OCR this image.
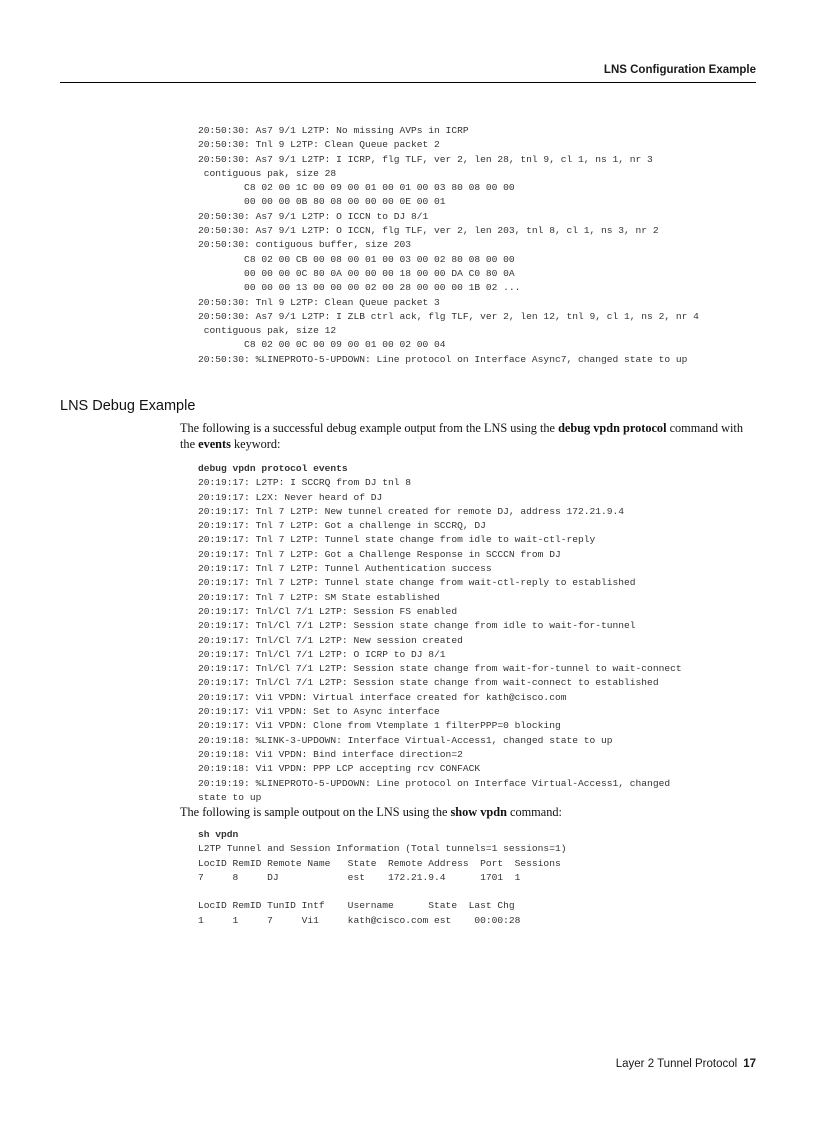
LNS Configuration Example
20:50:30: As7 9/1 L2TP: No missing AVPs in ICRP
20:50:30: Tnl 9 L2TP: Clean Queue packet 2
20:50:30: As7 9/1 L2TP: I ICRP, flg TLF, ver 2, len 28, tnl 9, cl 1, ns 1, nr 3
contiguous pak, size 28
C8 02 00 1C 00 09 00 01 00 01 00 03 80 08 00 00
00 00 00 0B 80 08 00 00 00 0E 00 01
20:50:30: As7 9/1 L2TP: O ICCN to DJ 8/1
20:50:30: As7 9/1 L2TP: O ICCN, flg TLF, ver 2, len 203, tnl 8, cl 1, ns 3, nr 2
20:50:30: contiguous buffer, size 203
C8 02 00 CB 00 08 00 01 00 03 00 02 80 08 00 00
00 00 00 0C 80 0A 00 00 00 18 00 00 DA C0 80 0A
00 00 00 13 00 00 00 02 00 28 00 00 00 1B 02 ...
20:50:30: Tnl 9 L2TP: Clean Queue packet 3
20:50:30: As7 9/1 L2TP: I ZLB ctrl ack, flg TLF, ver 2, len 12, tnl 9, cl 1, ns 2, nr 4
contiguous pak, size 12
C8 02 00 0C 00 09 00 01 00 02 00 04
20:50:30: %LINEPROTO-5-UPDOWN: Line protocol on Interface Async7, changed state to up
LNS Debug Example

The following is a successful debug example output from the LNS using the debug vpdn protocol command with the events keyword:

debug vpdn protocol events
20:19:17: L2TP: I SCCRQ from DJ tnl 8
20:19:17: L2X: Never heard of DJ
20:19:17: Tnl 7 L2TP: New tunnel created for remote DJ, address 172.21.9.4
20:19:17: Tnl 7 L2TP: Got a challenge in SCCRQ, DJ
20:19:17: Tnl 7 L2TP: Tunnel state change from idle to wait-ctl-reply
20:19:17: Tnl 7 L2TP: Got a Challenge Response in SCCCN from DJ
20:19:17: Tnl 7 L2TP: Tunnel Authentication success
20:19:17: Tnl 7 L2TP: Tunnel state change from wait-ctl-reply to established
20:19:17: Tnl 7 L2TP: SM State established
20:19:17: Tnl/Cl 7/1 L2TP: Session FS enabled
20:19:17: Tnl/Cl 7/1 L2TP: Session state change from idle to wait-for-tunnel
20:19:17: Tnl/Cl 7/1 L2TP: New session created
20:19:17: Tnl/Cl 7/1 L2TP: O ICRP to DJ 8/1
20:19:17: Tnl/Cl 7/1 L2TP: Session state change from wait-for-tunnel to wait-connect
20:19:17: Tnl/Cl 7/1 L2TP: Session state change from wait-connect to established
20:19:17: Vi1 VPDN: Virtual interface created for kath@cisco.com
20:19:17: Vi1 VPDN: Set to Async interface
20:19:17: Vi1 VPDN: Clone from Vtemplate 1 filterPPP=0 blocking
20:19:18: %LINK-3-UPDOWN: Interface Virtual-Access1, changed state to up
20:19:18: Vi1 VPDN: Bind interface direction=2
20:19:18: Vi1 VPDN: PPP LCP accepting rcv CONFACK
20:19:19: %LINEPROTO-5-UPDOWN: Line protocol on Interface Virtual-Access1, changed
state to up

The following is sample outpout on the LNS using the show vpdn command:

sh vpdn
L2TP Tunnel and Session Information (Total tunnels=1 sessions=1)
LocID RemID Remote Name   State  Remote Address  Port  Sessions
7     8     DJ            est    172.21.9.4      1701  1

LocID RemID TunID Intf    Username      State  Last Chg
1     1     7     Vi1     kath@cisco.com est    00:00:28
Layer 2 Tunnel Protocol 17
